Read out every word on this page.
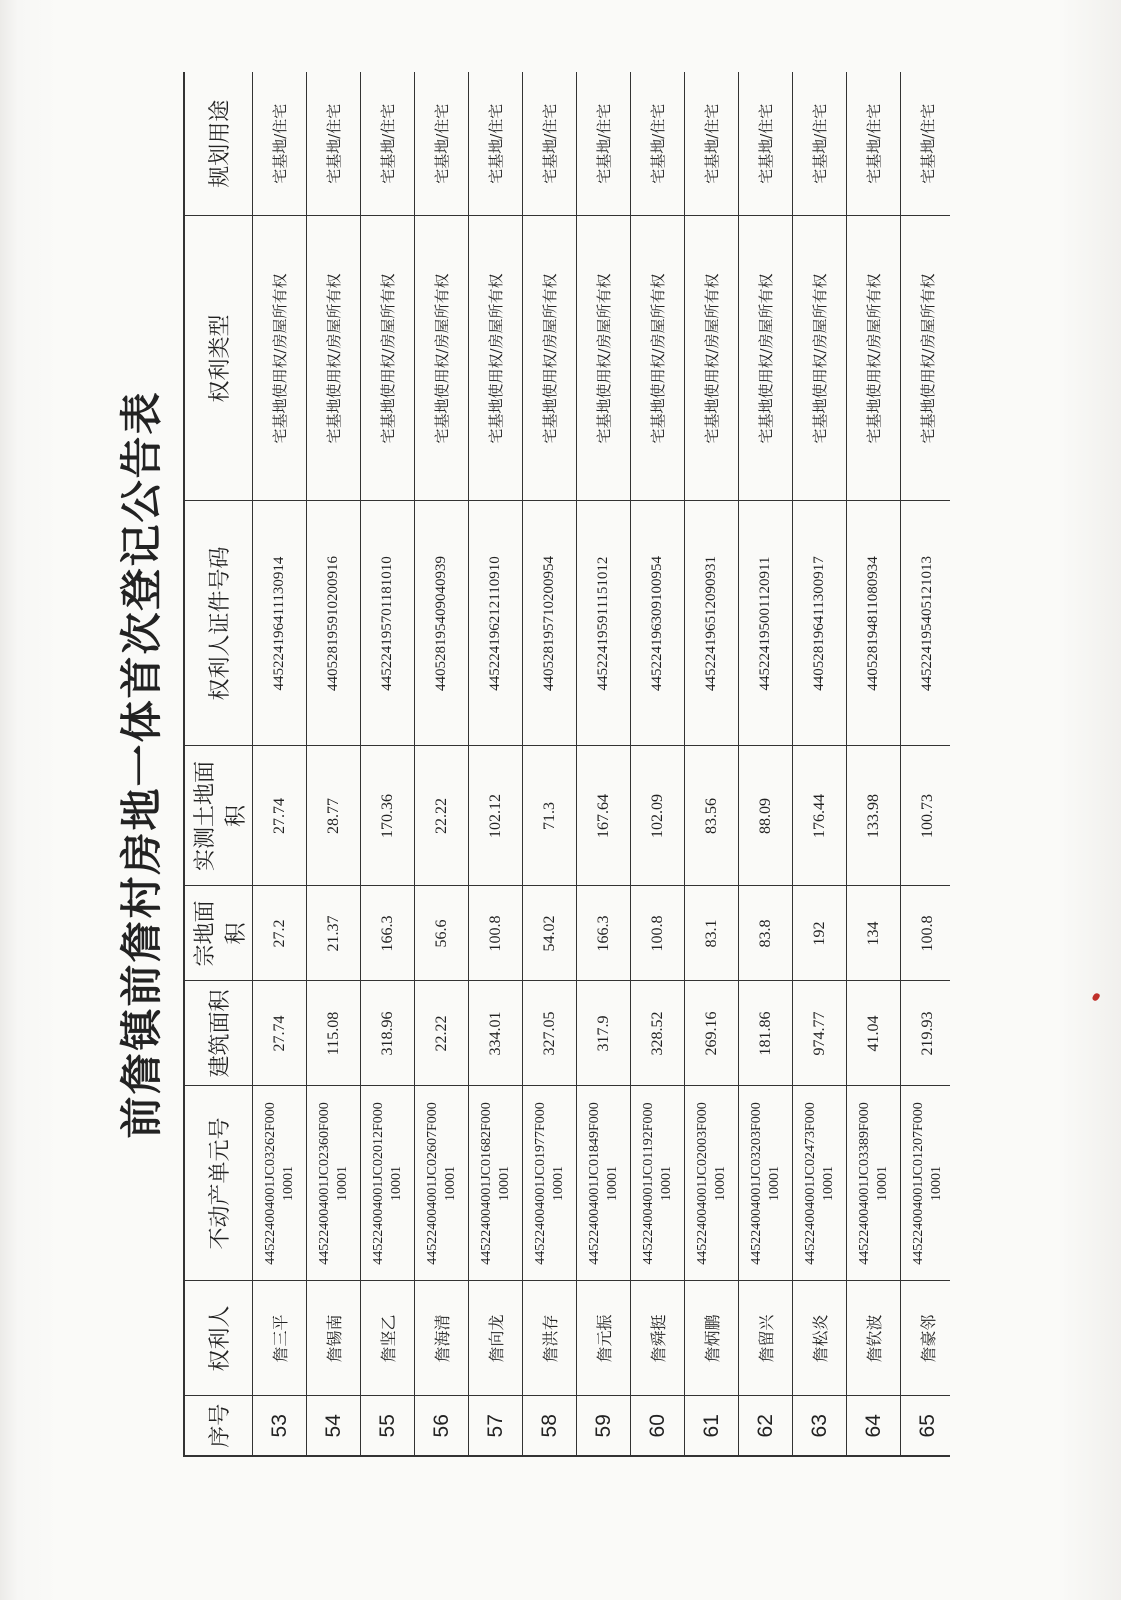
前詹镇前詹村房地一体首次登记公告表
序号	权利人	不动产单元号	建筑面积	宗地面积	实测土地面积	权利人证件号码	权利类型	规划用途
53	詹三平	445224004001JC03262F000 10001	27.74	27.2	27.74	445224196411130914	宅基地使用权/房屋所有权	宅基地/住宅
54	詹锡南	445224004001JC02360F000 10001	115.08	21.37	28.77	440528195910200916	宅基地使用权/房屋所有权	宅基地/住宅
55	詹坚乙	445224004001JC02012F000 10001	318.96	166.3	170.36	445224195701181010	宅基地使用权/房屋所有权	宅基地/住宅
56	詹海清	445224004001JC02607F000 10001	22.22	56.6	22.22	440528195409040939	宅基地使用权/房屋所有权	宅基地/住宅
57	詹向龙	445224004001JC01682F000 10001	334.01	100.8	102.12	445224196212110910	宅基地使用权/房屋所有权	宅基地/住宅
58	詹洪存	445224004001JC01977F000 10001	327.05	54.02	71.3	440528195710200954	宅基地使用权/房屋所有权	宅基地/住宅
59	詹元振	445224004001JC01849F000 10001	317.9	166.3	167.64	445224195911151012	宅基地使用权/房屋所有权	宅基地/住宅
60	詹舜挺	445224004001JC01192F000 10001	328.52	100.8	102.09	445224196309100954	宅基地使用权/房屋所有权	宅基地/住宅
61	詹炳鹏	445224004001JC02003F000 10001	269.16	83.1	83.56	445224196512090931	宅基地使用权/房屋所有权	宅基地/住宅
62	詹留兴	445224004001JC03203F000 10001	181.86	83.8	88.09	445224195001120911	宅基地使用权/房屋所有权	宅基地/住宅
63	詹松炎	445224004001JC02473F000 10001	974.77	192	176.44	440528196411300917	宅基地使用权/房屋所有权	宅基地/住宅
64	詹钦波	445224004001JC03389F000 10001	41.04	134	133.98	440528194811080934	宅基地使用权/房屋所有权	宅基地/住宅
65	詹豪邻	445224004001JC01207F000 10001	219.93	100.8	100.73	445224195405121013	宅基地使用权/房屋所有权	宅基地/住宅
